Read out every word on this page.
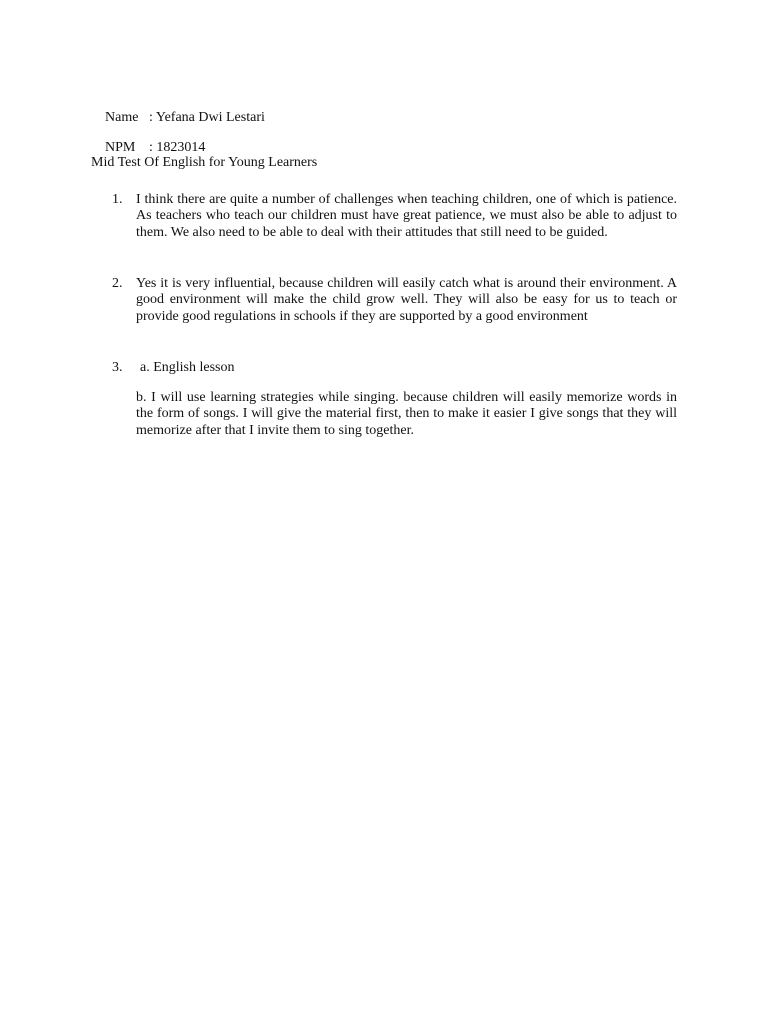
Name : Yefana Dwi Lestari

NPM : 1823014

Mid Test Of English for Young Learners
1. I think there are quite a number of challenges when teaching children, one of which is patience. As teachers who teach our children must have great patience, we must also be able to adjust to them. We also need to be able to deal with their attitudes that still need to be guided.
2. Yes it is very influential, because children will easily catch what is around their environment. A good environment will make the child grow well. They will also be easy for us to teach or provide good regulations in schools if they are supported by a good environment
3. a. English lesson
b. I will use learning strategies while singing. because children will easily memorize words in the form of songs. I will give the material first, then to make it easier I give songs that they will memorize after that I invite them to sing together.
